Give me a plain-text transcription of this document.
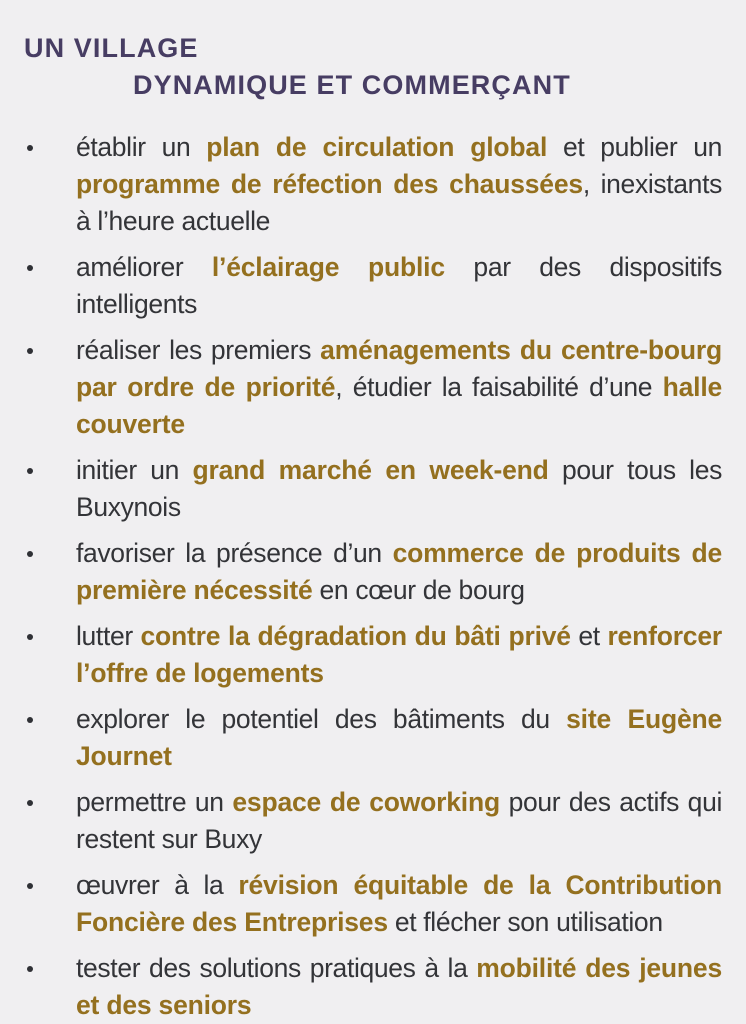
UN VILLAGE
DYNAMIQUE ET COMMERÇANT
établir un plan de circulation global et publier un programme de réfection des chaussées, inexistants à l’heure actuelle
améliorer l’éclairage public par des dispositifs intelligents
réaliser les premiers aménagements du centre-bourg par ordre de priorité, étudier la faisabilité d’une halle couverte
initier un grand marché en week-end pour tous les Buxynois
favoriser la présence d’un commerce de produits de première nécessité en cœur de bourg
lutter contre la dégradation du bâti privé et renforcer l’offre de logements
explorer le potentiel des bâtiments du site Eugène Journet
permettre un espace de coworking pour des actifs qui restent sur Buxy
œuvrer à la révision équitable de la Contribution Foncière des Entreprises et flécher son utilisation
tester des solutions pratiques à la mobilité des jeunes et des seniors
